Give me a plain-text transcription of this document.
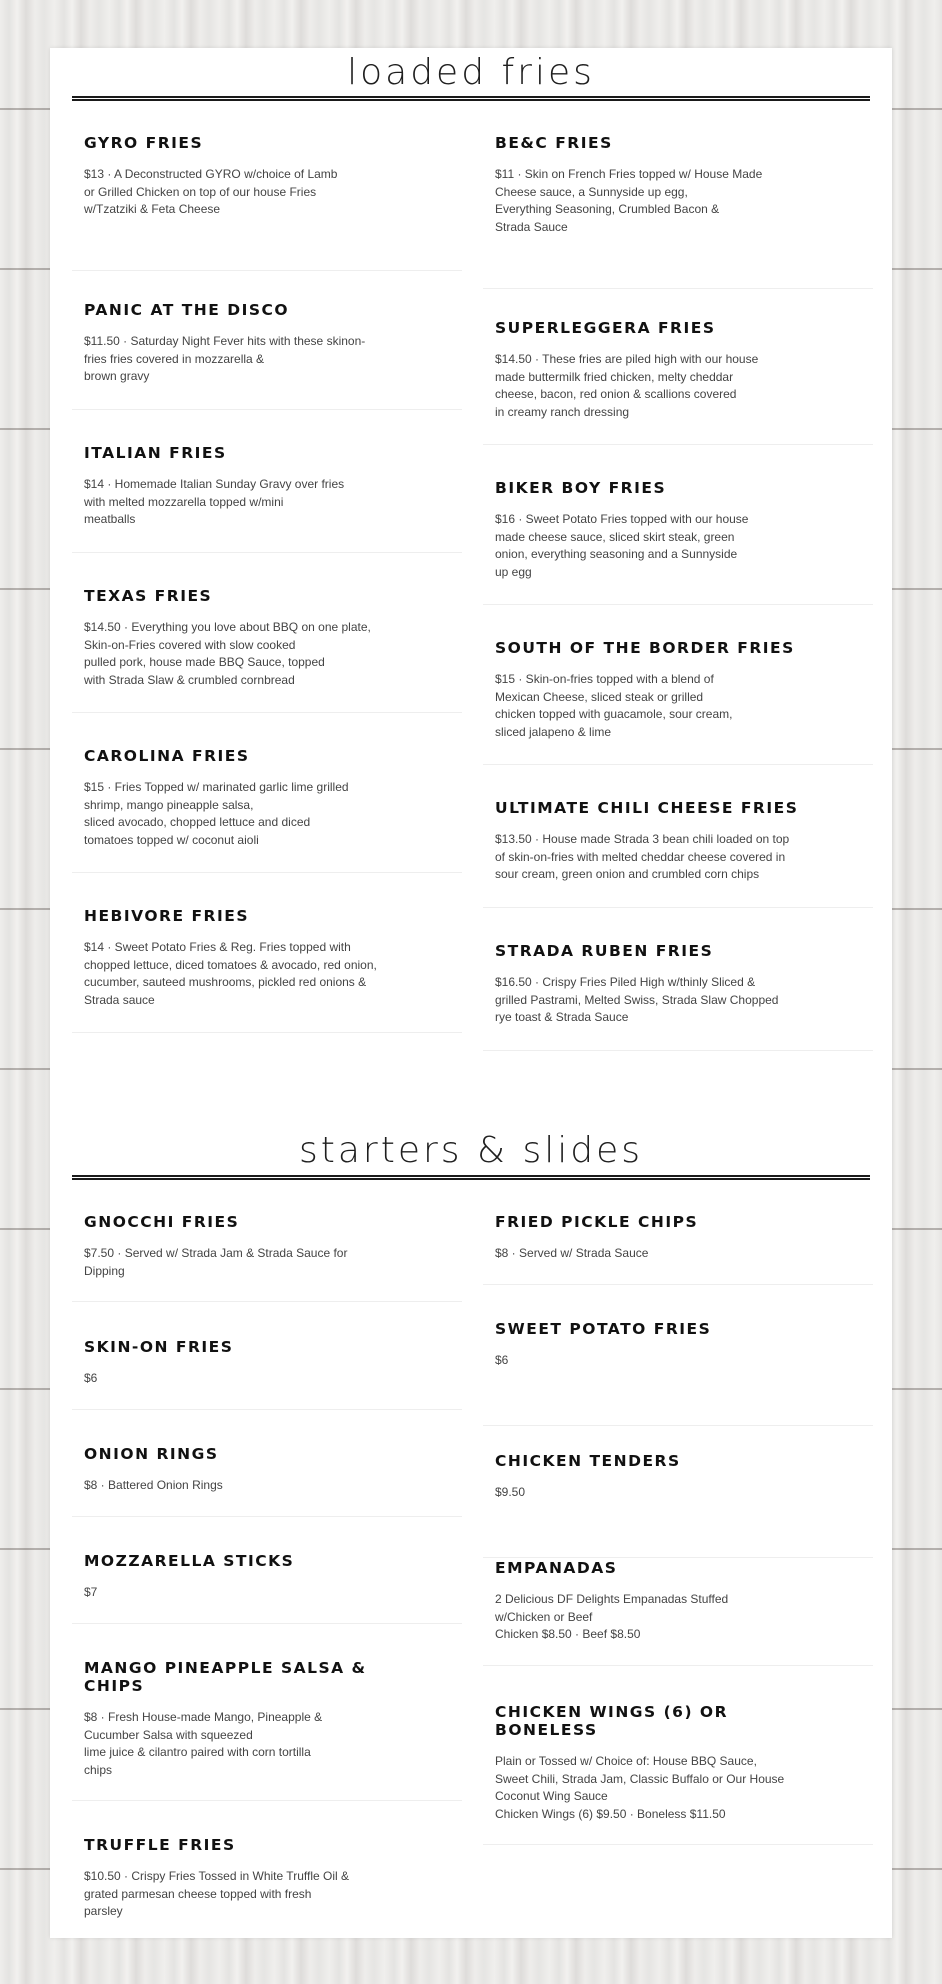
loaded fries
GYRO FRIES

$13 · A Deconstructed GYRO w/choice of Lamb
or Grilled Chicken on top of our house Fries
w/Tzatziki & Feta Cheese

PANIC AT THE DISCO

$11.50 · Saturday Night Fever hits with these skinon-
fries fries covered in mozzarella &
brown gravy

ITALIAN FRIES

$14 · Homemade Italian Sunday Gravy over fries
with melted mozzarella topped w/mini
meatballs

TEXAS FRIES

$14.50 · Everything you love about BBQ on one plate,
Skin-on-Fries covered with slow cooked
pulled pork, house made BBQ Sauce, topped
with Strada Slaw & crumbled cornbread

CAROLINA FRIES

$15 · Fries Topped w/ marinated garlic lime grilled
shrimp, mango pineapple salsa,
sliced avocado, chopped lettuce and diced
tomatoes topped w/ coconut aioli

HEBIVORE FRIES

$14 · Sweet Potato Fries & Reg. Fries topped with
chopped lettuce, diced tomatoes & avocado, red onion,
cucumber, sauteed mushrooms, pickled red onions &
Strada sauce

BE&C FRIES

$11 · Skin on French Fries topped w/ House Made
Cheese sauce, a Sunnyside up egg,
Everything Seasoning, Crumbled Bacon &
Strada Sauce

SUPERLEGGERA FRIES

$14.50 · These fries are piled high with our house
made buttermilk fried chicken, melty cheddar
cheese, bacon, red onion & scallions covered
in creamy ranch dressing

BIKER BOY FRIES

$16 · Sweet Potato Fries topped with our house
made cheese sauce, sliced skirt steak, green
onion, everything seasoning and a Sunnyside
up egg

SOUTH OF THE BORDER FRIES

$15 · Skin-on-fries topped with a blend of
Mexican Cheese, sliced steak or grilled
chicken topped with guacamole, sour cream,
sliced jalapeno & lime

ULTIMATE CHILI CHEESE FRIES

$13.50 · House made Strada 3 bean chili loaded on top
of skin-on-fries with melted cheddar cheese covered in
sour cream, green onion and crumbled corn chips

STRADA RUBEN FRIES

$16.50 · Crispy Fries Piled High w/thinly Sliced &
grilled Pastrami, Melted Swiss, Strada Slaw Chopped
rye toast & Strada Sauce

starters & slides
GNOCCHI FRIES

$7.50 · Served w/ Strada Jam & Strada Sauce for
Dipping

SKIN-ON FRIES

$6

ONION RINGS

$8 · Battered Onion Rings

MOZZARELLA STICKS

$7

MANGO PINEAPPLE SALSA &
CHIPS

$8 · Fresh House-made Mango, Pineapple &
Cucumber Salsa with squeezed
lime juice & cilantro paired with corn tortilla
chips

TRUFFLE FRIES

$10.50 · Crispy Fries Tossed in White Truffle Oil &
grated parmesan cheese topped with fresh
parsley

FRIED PICKLE CHIPS

$8 · Served w/ Strada Sauce

SWEET POTATO FRIES

$6

CHICKEN TENDERS

$9.50

EMPANADAS

2 Delicious DF Delights Empanadas Stuffed
w/Chicken or Beef
Chicken $8.50 · Beef $8.50

CHICKEN WINGS (6) OR
BONELESS

Plain or Tossed w/ Choice of: House BBQ Sauce,
Sweet Chili, Strada Jam, Classic Buffalo or Our House
Coconut Wing Sauce
Chicken Wings (6) $9.50 · Boneless $11.50
